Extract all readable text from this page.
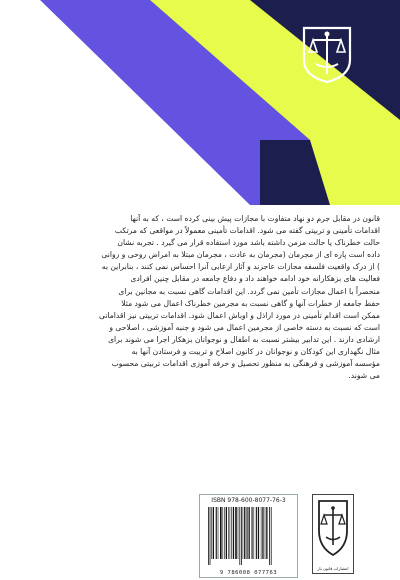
قانون در مقابل جرم دو نهاد متفاوت با مجازات پیش بینی کرده است ، که به آنها

اقدامات تأمینی و تربیتی گفته می شود. اقدامات تأمینی معمولاً در مواقعی که مرتکب

حالت خطرناک یا حالت مزمن داشته باشد مورد استفاده قرار می گیرد . تجربه نشان

داده است پاره ای از مجرمان (مجرمان به عادت ، مجرمان مبتلا به امراض روحی و روانی

) از درک واقعیت فلسفه مجازات عاجزند و آثار ارعابی آنرا احساس نمی کنند ، بنابراین به

فعالیت های بزهکارانه خود ادامه خواهند داد و دفاع جامعه در مقابل چنین افرادی

منحصراً با اعمال مجازات تأمین نمی گردد. این اقدامات گاهی نسبت به مجانین برای

حفظ جامعه از خطرات آنها و گاهی نسبت به مجرمین خطرناک اعمال می شود مثلا

ممکن است اقدام تأمینی در مورد اراذل و اوباش اعمال شود. اقدامات تربیتی نیز اقداماتی

است که نسبت به دسته خاصی از مجرمین اعمال می شود و جنبه آموزشی ، اصلاحی و

ارشادی دارند . این تدابیر بیشتر نسبت به اطفال و نوجوانان بزهکار اجرا می شوند برای

مثال نگهداری این کودکان و نوجوانان در کانون اصلاح و تربیت و فرستادن آنها به

مؤسسه آموزشی و فرهنگی به منظور تحصیل و حرفه آموزی اقدامات تربیتی محسوب

می شوند.

ISBN 978-600-8077-76-3
9 786008 077763
انتشارات قانون یار
